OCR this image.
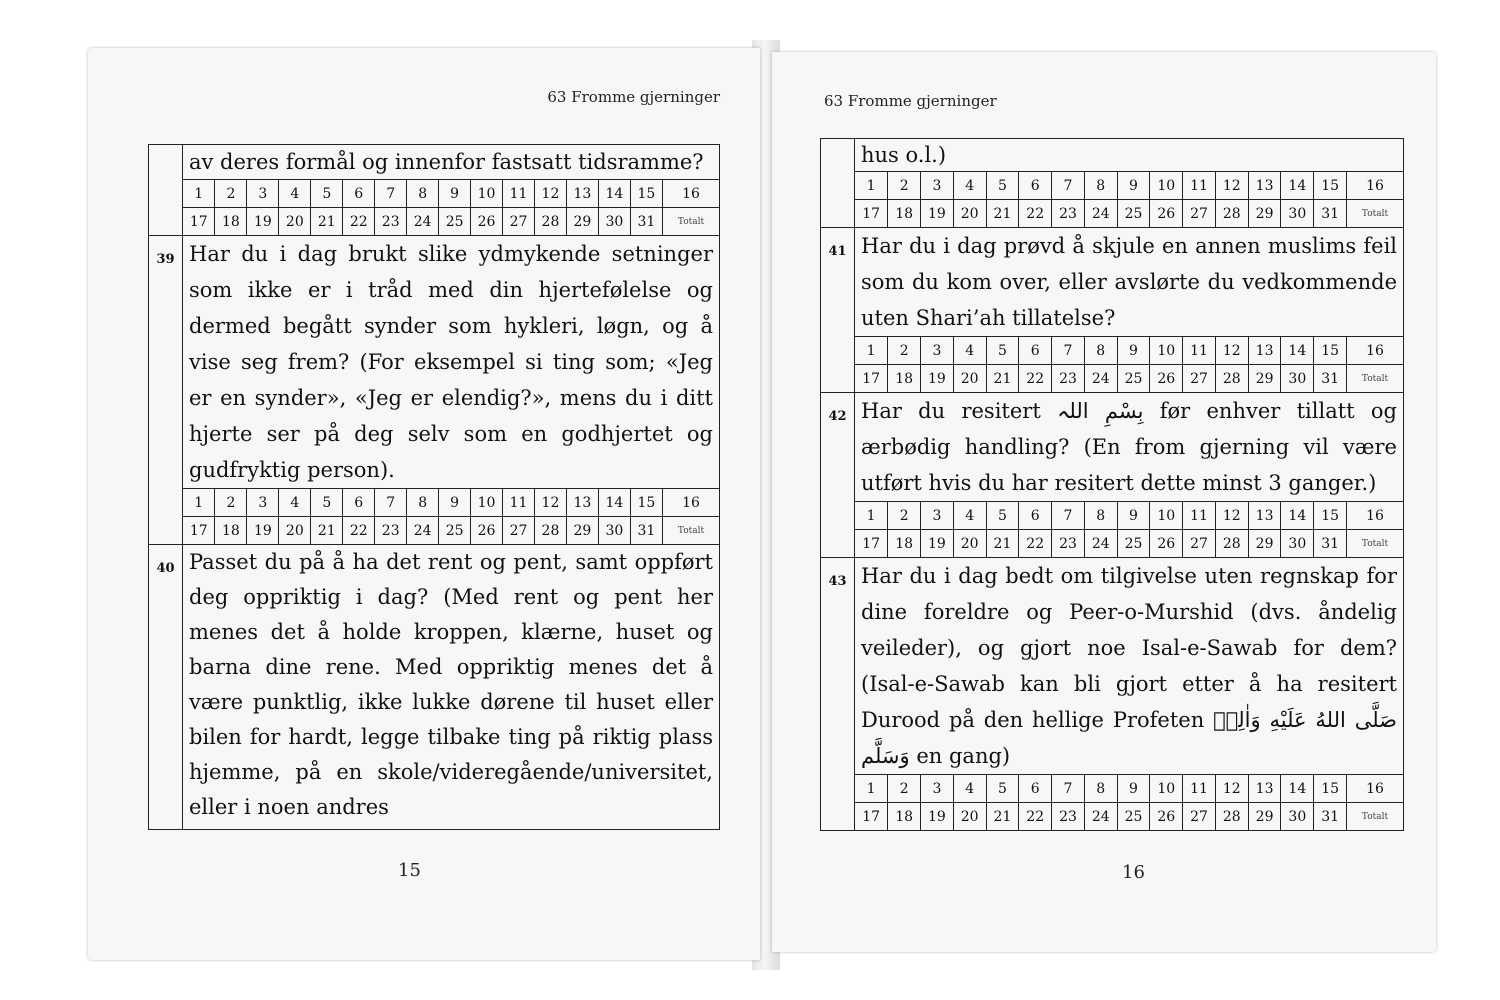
63 Fromme gjerninger

av deres formål og innenfor fastsatt tidsramme?

1	2	3	4	5	6	7	8	9	10	11	12	13	14	15	16
17	18	19	20	21	22	23	24	25	26	27	28	29	30	31	Totalt
39 Har du i dag brukt slike ydmykende setninger som ikke er i tråd med din hjertefølelse og dermed begått synder som hykleri, løgn, og å vise seg frem? (For eksempel si ting som; «Jeg er en synder», «Jeg er elendig?», mens du i ditt hjerte ser på deg selv som en godhjertet og gudfryktig person).

1	2	3	4	5	6	7	8	9	10	11	12	13	14	15	16
17	18	19	20	21	22	23	24	25	26	27	28	29	30	31	Totalt
40 Passet du på å ha det rent og pent, samt oppført deg oppriktig i dag? (Med rent og pent her menes det å holde kroppen, klærne, huset og barna dine rene. Med oppriktig menes det å være punktlig, ikke lukke dørene til huset eller bilen for hardt, legge tilbake ting på riktig plass hjemme, på en skole/videregående/universitet, eller i noen andres

15
63 Fromme gjerninger

hus o.l.)

1	2	3	4	5	6	7	8	9	10	11	12	13	14	15	16
17	18	19	20	21	22	23	24	25	26	27	28	29	30	31	Totalt
41 Har du i dag prøvd å skjule en annen muslims feil som du kom over, eller avslørte du vedkommende uten Shari’ah tillatelse?

1	2	3	4	5	6	7	8	9	10	11	12	13	14	15	16
17	18	19	20	21	22	23	24	25	26	27	28	29	30	31	Totalt
42 Har du resitert بِسْمِ اللہ før enhver tillatt og ærbødig handling? (En from gjerning vil være utført hvis du har resitert dette minst 3 ganger.)

1	2	3	4	5	6	7	8	9	10	11	12	13	14	15	16
17	18	19	20	21	22	23	24	25	26	27	28	29	30	31	Totalt
43 Har du i dag bedt om tilgivelse uten regnskap for dine foreldre og Peer-o-Murshid (dvs. åndelig veileder), og gjort noe Isal-e-Sawab for dem? (Isal-e-Sawab kan bli gjort etter å ha resitert Durood på den hellige Profeten صَلَّى اللهُ عَلَيْهِ وَاٰلِهٖ وَسَلَّم en gang)

1	2	3	4	5	6	7	8	9	10	11	12	13	14	15	16
17	18	19	20	21	22	23	24	25	26	27	28	29	30	31	Totalt
16
